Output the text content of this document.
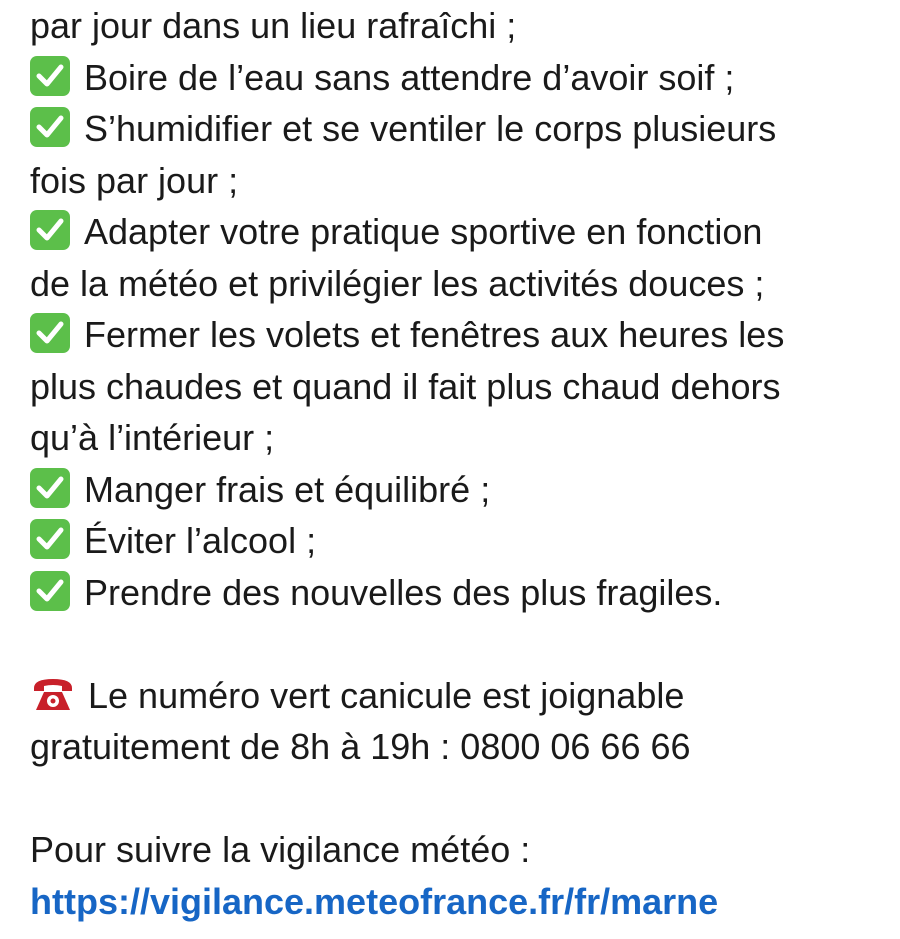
par jour dans un lieu rafraîchi ;
Boire de l’eau sans attendre d’avoir soif ;
S’humidifier et se ventiler le corps plusieurs
fois par jour ;
Adapter votre pratique sportive en fonction
de la météo et privilégier les activités douces ;
Fermer les volets et fenêtres aux heures les
plus chaudes et quand il fait plus chaud dehors
qu’à l’intérieur ;
Manger frais et équilibré ;
Éviter l’alcool ;
Prendre des nouvelles des plus fragiles.
Le numéro vert canicule est joignable
gratuitement de 8h à 19h : 0800 06 66 66
Pour suivre la vigilance météo :
https://vigilance.meteofrance.fr/fr/marne
